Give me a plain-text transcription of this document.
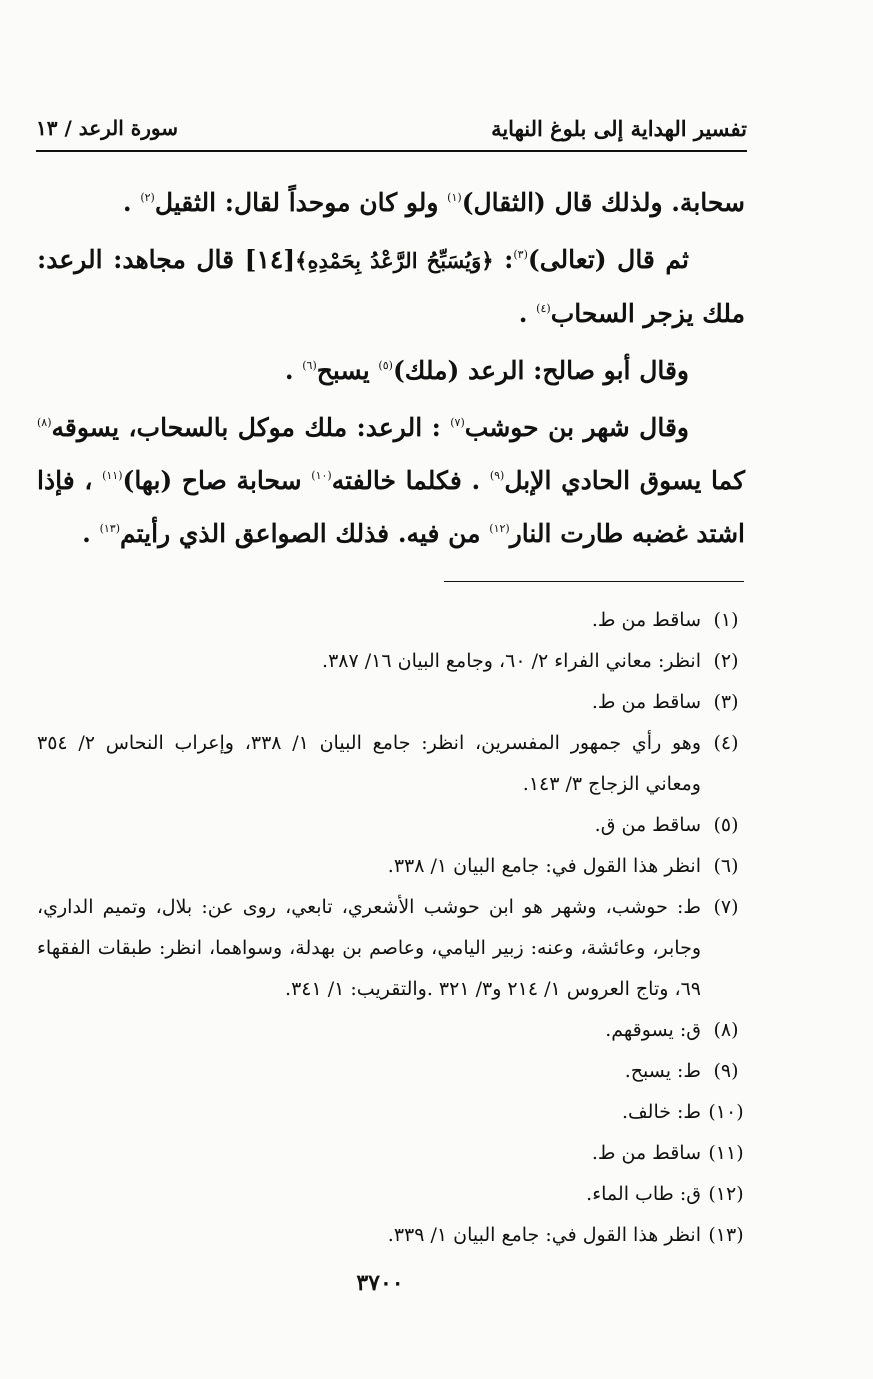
تفسير الهداية إلى بلوغ النهاية
سورة الرعد / ١٣

سحابة. ولذلك قال (الثقال)$^{(١)}$ ولو كان موحداً لقال: الثقيل$^{(٢)}$ .

ثم قال (تعالى)$^{(٣)}$: ﴿وَيُسَبِّحُ الرَّعْدُ بِحَمْدِهِ﴾[١٤] قال مجاهد: الرعد: ملك يزجر السحاب$^{(٤)}$ .

وقال أبو صالح: الرعد (ملك)$^{(٥)}$ يسبح$^{(٦)}$ .

وقال شهر بن حوشب$^{(٧)}$ : الرعد: ملك موكل بالسحاب، يسوقه$^{(٨)}$ كما يسوق الحادي الإبل$^{(٩)}$ . فكلما خالفته$^{(١٠)}$ سحابة صاح (بها)$^{(١١)}$ ، فإذا اشتد غضبه طارت النار$^{(١٢)}$ من فيه. فذلك الصواعق الذي رأيتم$^{(١٣)}$ .

(١)
ساقط من ط.
(٢)
انظر: معاني الفراء ٢/ ٦٠، وجامع البيان ١٦/ ٣٨٧.
(٣)
ساقط من ط.
(٤)
وهو رأي جمهور المفسرين، انظر: جامع البيان ١/ ٣٣٨، وإعراب النحاس ٢/ ٣٥٤ ومعاني الزجاج ٣/ ١٤٣.
(٥)
ساقط من ق.
(٦)
انظر هذا القول في: جامع البيان ١/ ٣٣٨.
(٧)
ط: حوشب، وشهر هو ابن حوشب الأشعري، تابعي، روى عن: بلال، وتميم الداري، وجابر، وعائشة، وعنه: زبير اليامي، وعاصم بن بهدلة، وسواهما، انظر: طبقات الفقهاء ٦٩، وتاج العروس ١/ ٢١٤ و٣/ ٣٢١ .والتقريب: ١/ ٣٤١.
(٨)
ق: يسوقهم.
(٩)
ط: يسبح.
(١٠)
ط: خالف.
(١١)
ساقط من ط.
(١٢)
ق: طاب الماء.
(١٣)
انظر هذا القول في: جامع البيان ١/ ٣٣٩.
٣٧٠٠
